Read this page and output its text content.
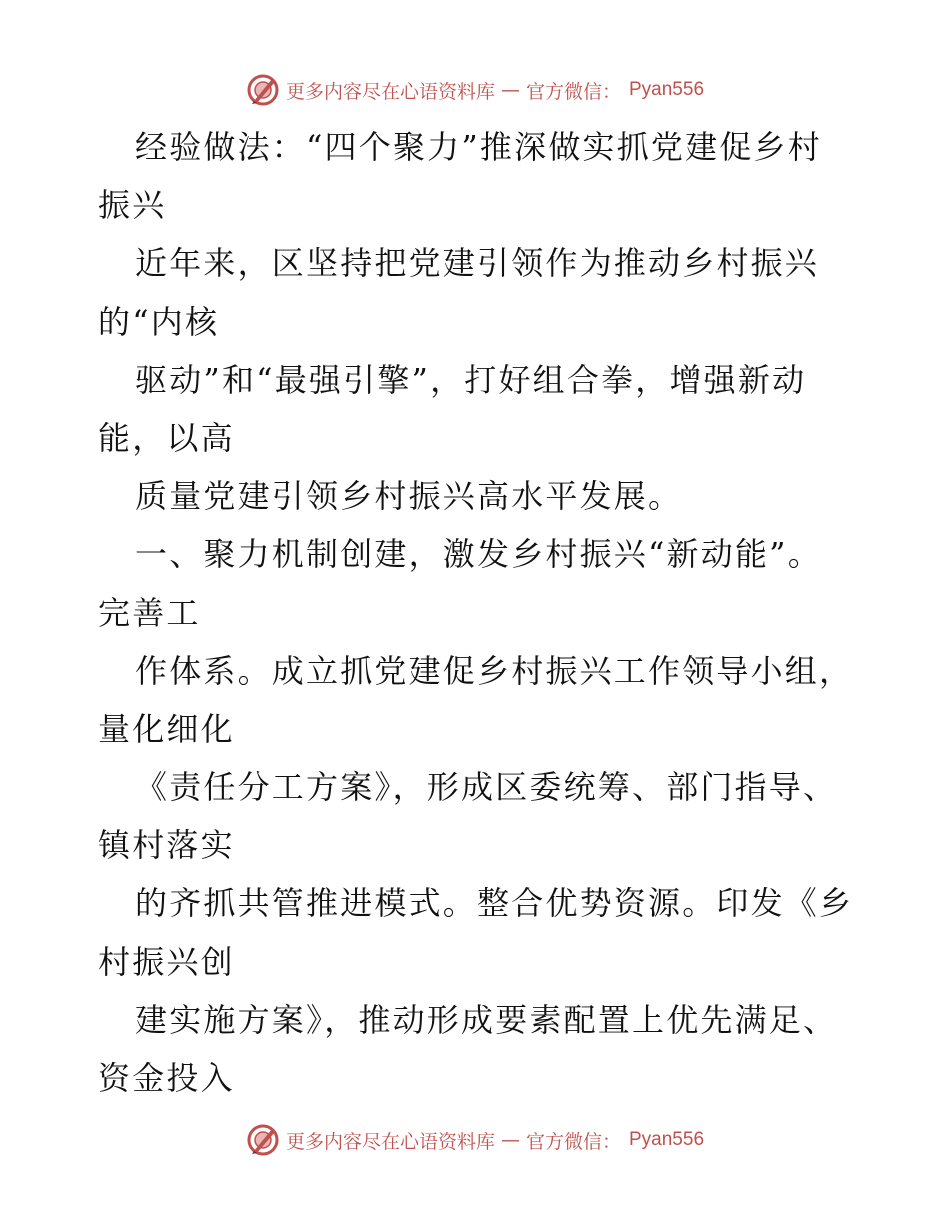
更多内容尽在心语资料库 — 官方微信： Pyan556
经验做法：“四个聚力”推深做实抓党建促乡村
振兴
近年来，区坚持把党建引领作为推动乡村振兴
的“内核
驱动”和“最强引擎”，打好组合拳，增强新动
能，以高
质量党建引领乡村振兴高水平发展。
一、聚力机制创建，激发乡村振兴“新动能”。
完善工
作体系。成立抓党建促乡村振兴工作领导小组，
量化细化
《责任分工方案》，形成区委统筹、部门指导、
镇村落实
的齐抓共管推进模式。整合优势资源。印发《乡
村振兴创
建实施方案》，推动形成要素配置上优先满足、
资金投入
更多内容尽在心语资料库 — 官方微信： Pyan556
